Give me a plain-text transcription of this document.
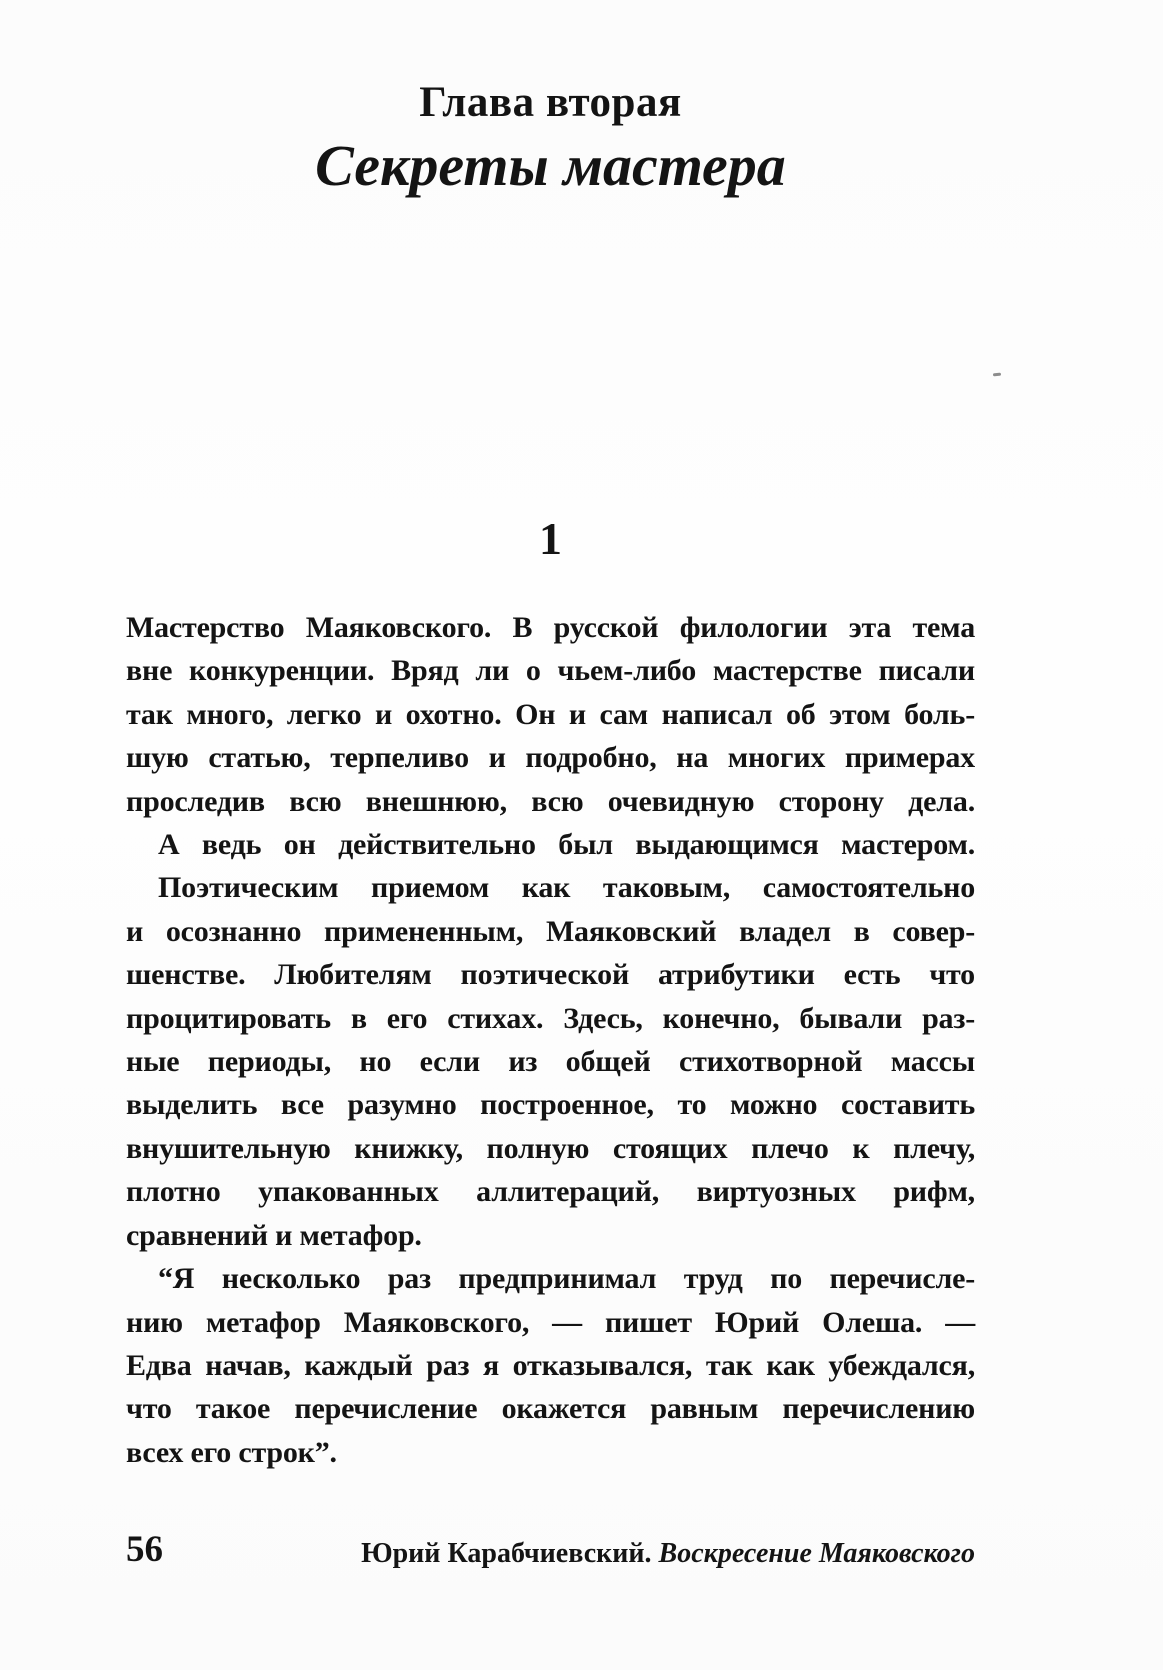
Глава вторая
Секреты мастера
1
Мастерство Маяковского. В русской филологии эта тема
вне конкуренции. Вряд ли о чьем-либо мастерстве писали
так много, легко и охотно. Он и сам написал об этом боль-
шую статью, терпеливо и подробно, на многих примерах
проследив всю внешнюю, всю очевидную сторону дела.
А ведь он действительно был выдающимся мастером.
Поэтическим приемом как таковым, самостоятельно
и осознанно примененным, Маяковский владел в совер-
шенстве. Любителям поэтической атрибутики есть что
процитировать в его стихах. Здесь, конечно, бывали раз-
ные периоды, но если из общей стихотворной массы
выделить все разумно построенное, то можно составить
внушительную книжку, полную стоящих плечо к плечу,
плотно упакованных аллитераций, виртуозных рифм,
сравнений и метафор.
“Я несколько раз предпринимал труд по перечисле-
нию метафор Маяковского, — пишет Юрий Олеша. —
Едва начав, каждый раз я отказывался, так как убеждался,
что такое перечисление окажется равным перечислению
всех его строк”.
56	Юрий Карабчиевский. Воскресение Маяковского
